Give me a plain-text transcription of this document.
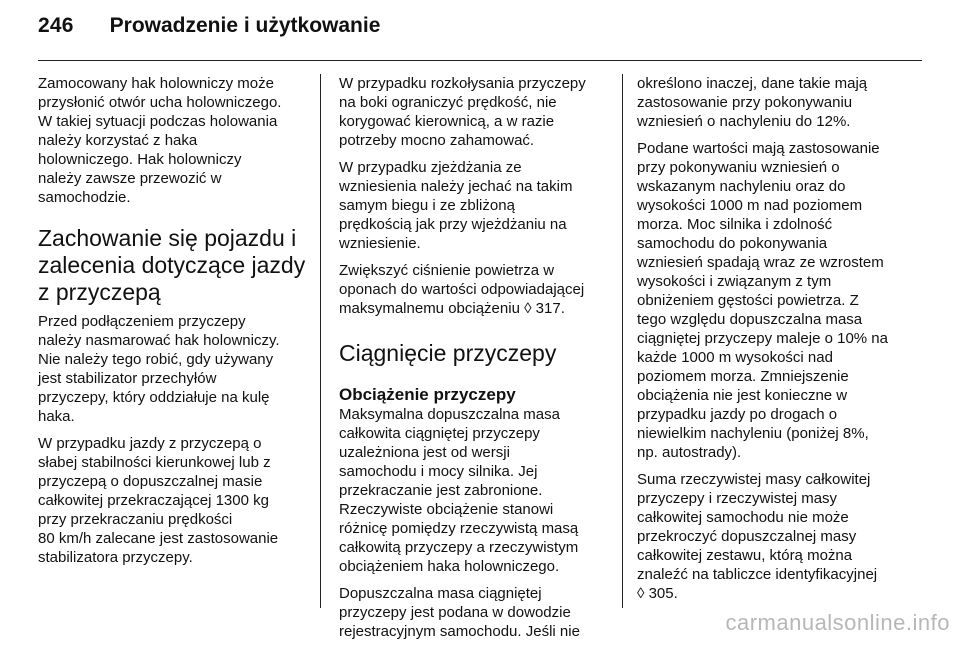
246 Prowadzenie i użytkowanie

Zamocowany hak holowniczy może
przysłonić otwór ucha holowniczego.
W takiej sytuacji podczas holowania
należy korzystać z haka
holowniczego. Hak holowniczy
należy zawsze przewozić w
samochodzie.

Zachowanie się pojazdu i
zalecenia dotyczące jazdy
z przyczepą

Przed podłączeniem przyczepy
należy nasmarować hak holowniczy.
Nie należy tego robić, gdy używany
jest stabilizator przechyłów
przyczepy, który oddziałuje na kulę
haka.

W przypadku jazdy z przyczepą o
słabej stabilności kierunkowej lub z
przyczepą o dopuszczalnej masie
całkowitej przekraczającej 1300 kg
przy przekraczaniu prędkości
80 km/h zalecane jest zastosowanie
stabilizatora przyczepy.

W przypadku rozkołysania przyczepy
na boki ograniczyć prędkość, nie
korygować kierownicą, a w razie
potrzeby mocno zahamować.

W przypadku zjeżdżania ze
wzniesienia należy jechać na takim
samym biegu i ze zbliżoną
prędkością jak przy wjeżdżaniu na
wzniesienie.

Zwiększyć ciśnienie powietrza w
oponach do wartości odpowiadającej
maksymalnemu obciążeniu ◊ 317.

Ciągnięcie przyczepy
Obciążenie przyczepy

Maksymalna dopuszczalna masa
całkowita ciągniętej przyczepy
uzależniona jest od wersji
samochodu i mocy silnika. Jej
przekraczanie jest zabronione.
Rzeczywiste obciążenie stanowi
różnicę pomiędzy rzeczywistą masą
całkowitą przyczepy a rzeczywistym
obciążeniem haka holowniczego.

Dopuszczalna masa ciągniętej
przyczepy jest podana w dowodzie
rejestracyjnym samochodu. Jeśli nie

określono inaczej, dane takie mają
zastosowanie przy pokonywaniu
wzniesień o nachyleniu do 12%.

Podane wartości mają zastosowanie
przy pokonywaniu wzniesień o
wskazanym nachyleniu oraz do
wysokości 1000 m nad poziomem
morza. Moc silnika i zdolność
samochodu do pokonywania
wzniesień spadają wraz ze wzrostem
wysokości i związanym z tym
obniżeniem gęstości powietrza. Z
tego względu dopuszczalna masa
ciągniętej przyczepy maleje o 10% na
każde 1000 m wysokości nad
poziomem morza. Zmniejszenie
obciążenia nie jest konieczne w
przypadku jazdy po drogach o
niewielkim nachyleniu (poniżej 8%,
np. autostrady).

Suma rzeczywistej masy całkowitej
przyczepy i rzeczywistej masy
całkowitej samochodu nie może
przekroczyć dopuszczalnej masy
całkowitej zestawu, którą można
znaleźć na tabliczce identyfikacyjnej
◊ 305.

carmanualsonline.info
